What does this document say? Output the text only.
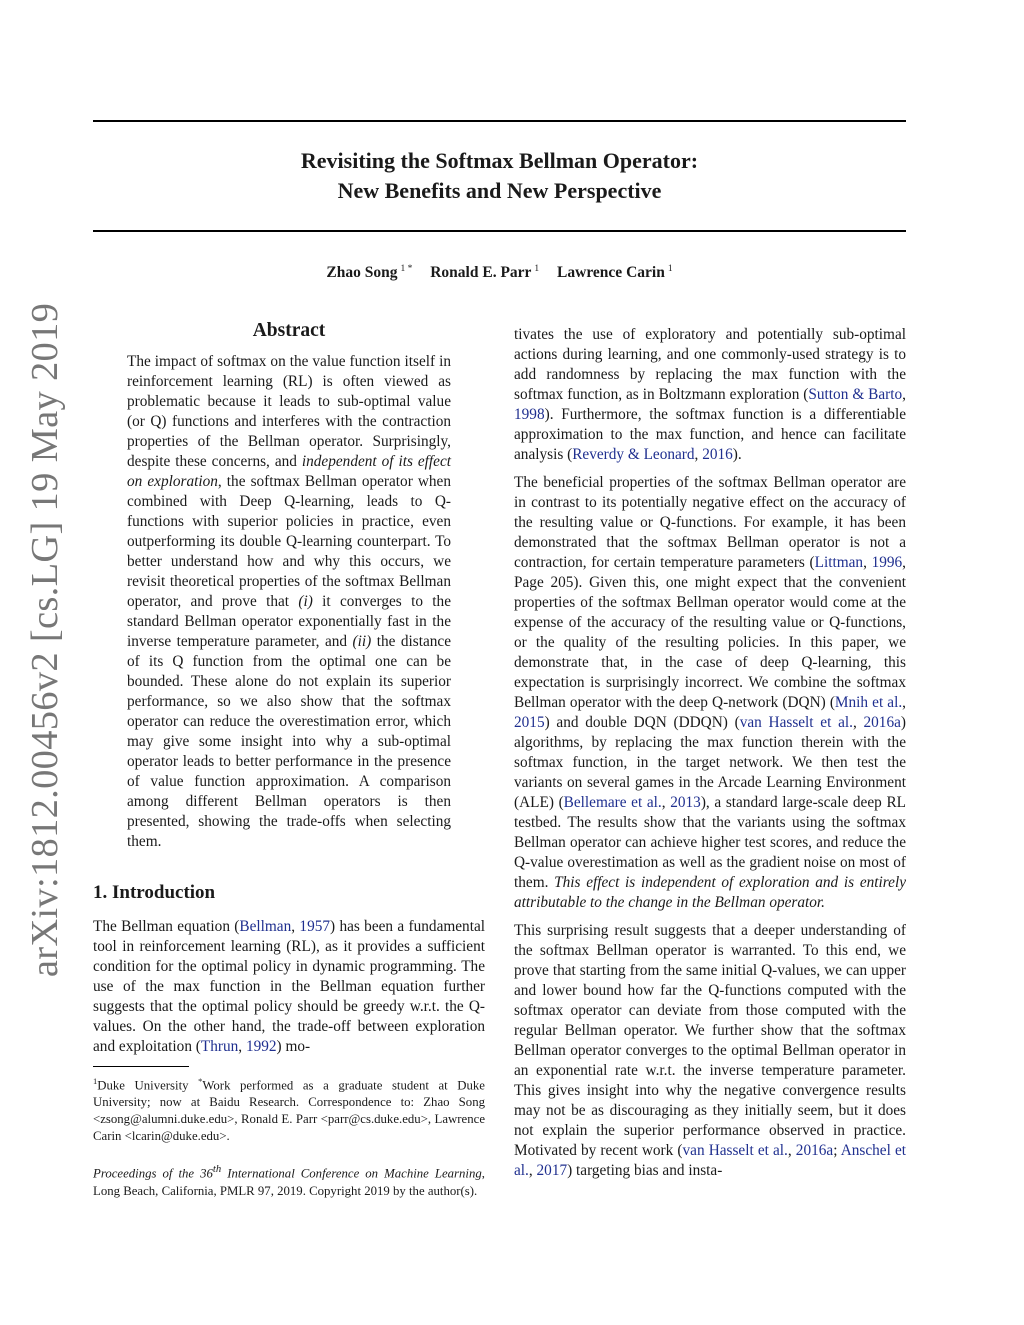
arXiv:1812.00456v2 [cs.LG] 19 May 2019
Revisiting the Softmax Bellman Operator:
New Benefits and New Perspective
Zhao Song $^{1 *}$ Ronald E. Parr $^1$ Lawrence Carin $^1$
Abstract
The impact of softmax on the value function itself in reinforcement learning (RL) is often viewed as problematic because it leads to sub-optimal value (or Q) functions and interferes with the contraction properties of the Bellman operator. Surprisingly, despite these concerns, and independent of its effect on exploration, the softmax Bellman operator when combined with Deep Q-learning, leads to Q-functions with superior policies in practice, even outperforming its double Q-learning counterpart. To better understand how and why this occurs, we revisit theoretical properties of the softmax Bellman operator, and prove that (i) it converges to the standard Bellman operator exponentially fast in the inverse temperature parameter, and (ii) the distance of its Q function from the optimal one can be bounded. These alone do not explain its superior performance, so we also show that the softmax operator can reduce the overestimation error, which may give some insight into why a sub-optimal operator leads to better performance in the presence of value function approximation. A comparison among different Bellman operators is then presented, showing the trade-offs when selecting them.
1. Introduction

The Bellman equation (Bellman, 1957) has been a fundamental tool in reinforcement learning (RL), as it provides a sufficient condition for the optimal policy in dynamic programming. The use of the max function in the Bellman equation further suggests that the optimal policy should be greedy w.r.t. the Q-values. On the other hand, the trade-off between exploration and exploitation (Thrun, 1992) mo-

$^1$Duke University *Work performed as a graduate student at Duke University; now at Baidu Research. Correspondence to: Zhao Song <zsong@alumni.duke.edu>, Ronald E. Parr <parr@cs.duke.edu>, Lawrence Carin <lcarin@duke.edu>.

Proceedings of the 36th International Conference on Machine Learning, Long Beach, California, PMLR 97, 2019. Copyright 2019 by the author(s).

tivates the use of exploratory and potentially sub-optimal actions during learning, and one commonly-used strategy is to add randomness by replacing the max function with the softmax function, as in Boltzmann exploration (Sutton & Barto, 1998). Furthermore, the softmax function is a differentiable approximation to the max function, and hence can facilitate analysis (Reverdy & Leonard, 2016).

The beneficial properties of the softmax Bellman operator are in contrast to its potentially negative effect on the accuracy of the resulting value or Q-functions. For example, it has been demonstrated that the softmax Bellman operator is not a contraction, for certain temperature parameters (Littman, 1996, Page 205). Given this, one might expect that the convenient properties of the softmax Bellman operator would come at the expense of the accuracy of the resulting value or Q-functions, or the quality of the resulting policies. In this paper, we demonstrate that, in the case of deep Q-learning, this expectation is surprisingly incorrect. We combine the softmax Bellman operator with the deep Q-network (DQN) (Mnih et al., 2015) and double DQN (DDQN) (van Hasselt et al., 2016a) algorithms, by replacing the max function therein with the softmax function, in the target network. We then test the variants on several games in the Arcade Learning Environment (ALE) (Bellemare et al., 2013), a standard large-scale deep RL testbed. The results show that the variants using the softmax Bellman operator can achieve higher test scores, and reduce the Q-value overestimation as well as the gradient noise on most of them. This effect is independent of exploration and is entirely attributable to the change in the Bellman operator.

This surprising result suggests that a deeper understanding of the softmax Bellman operator is warranted. To this end, we prove that starting from the same initial Q-values, we can upper and lower bound how far the Q-functions computed with the softmax operator can deviate from those computed with the regular Bellman operator. We further show that the softmax Bellman operator converges to the optimal Bellman operator in an exponential rate w.r.t. the inverse temperature parameter. This gives insight into why the negative convergence results may not be as discouraging as they initially seem, but it does not explain the superior performance observed in practice. Motivated by recent work (van Hasselt et al., 2016a; Anschel et al., 2017) targeting bias and insta-
